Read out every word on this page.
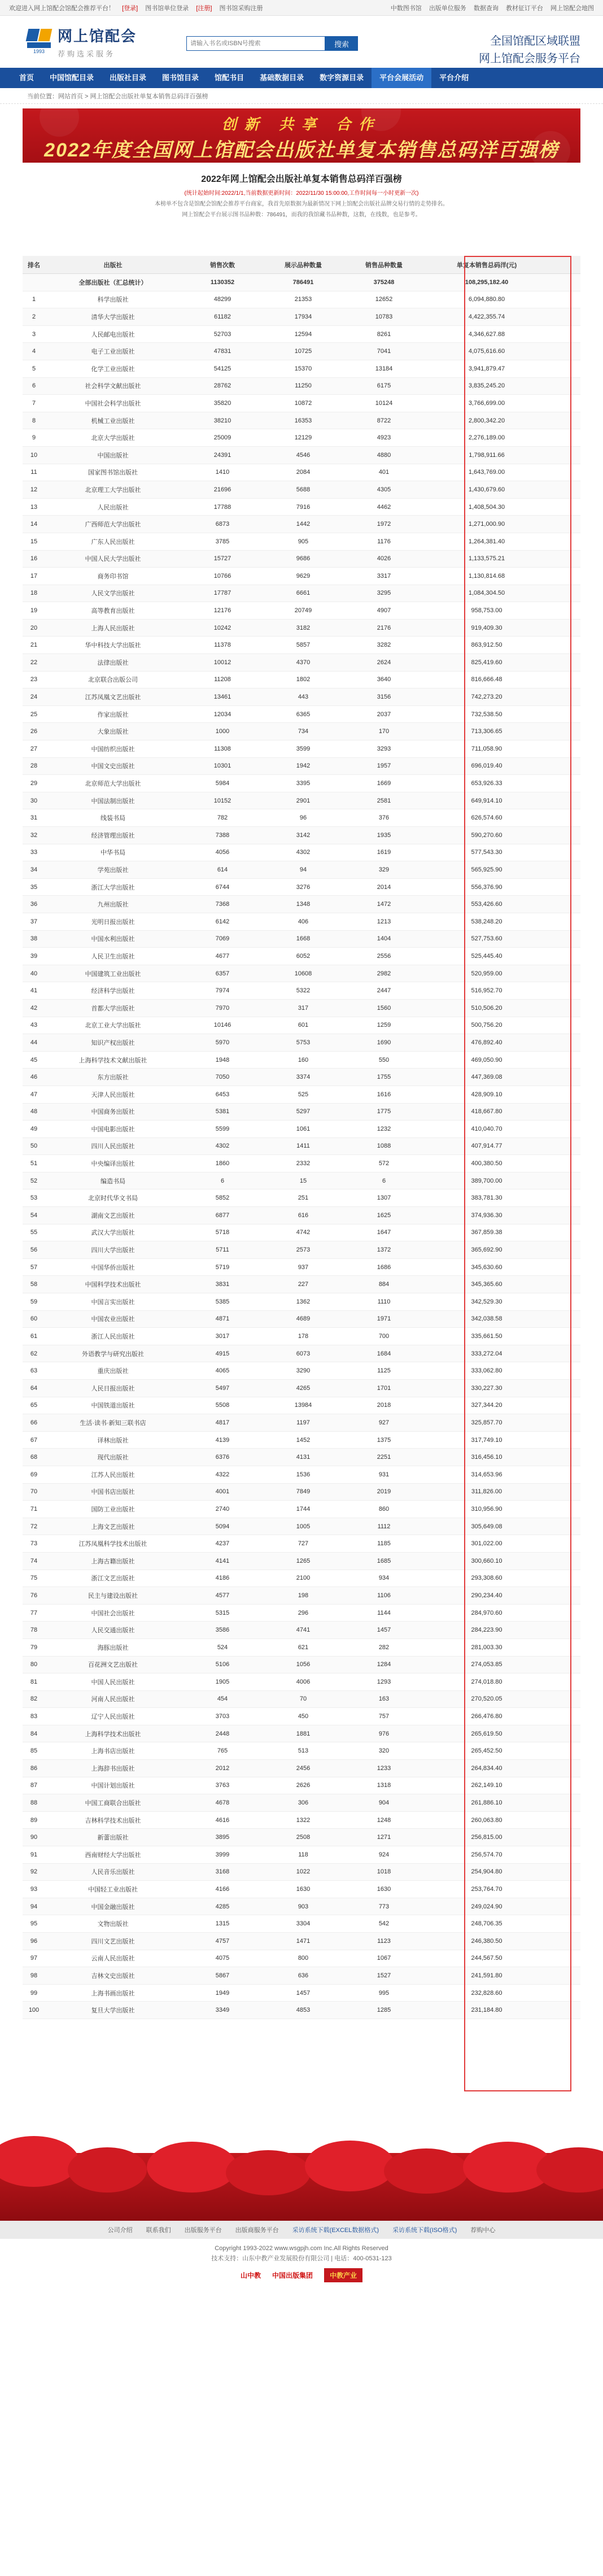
欢迎进入网上馆配会馆配会推荐平台！ [登录] 图书馆单位登录 [注册] 图书馆采购注册	中数图书馆 出版单位服务 数据查询 教材征订平台 网上馆配会地图
1993
网上馆配会
荐购选采服务
请输入书名或ISBN号搜索
搜索	全国馆配区域联盟
网上馆配会服务平台
首页	中国馆配目录	出版社目录	图书馆目录	馆配书目	基础数据目录	数字资源目录	平台会展活动	平台介绍
当前位置：网站首页 > 网上馆配会出版社单复本销售总码洋百强榜
创新 共享 合作
2022年度全国网上馆配会出版社单复本销售总码洋百强榜
2022年网上馆配会出版社单复本销售总码洋百强榜
(统计起始时间:2022/1/1,当前数据更新时间：2022/11/30 15:00:00,工作时间每一小时更新一次)
本榜单不包含是馆配会馆配会推荐平台商家，我首先原数据为最新情况下网上馆配会出版社品牌交易行情的走势排名。
网上馆配会平台展示图书品种数：786491，而我的我馆藏书品种数，这数，在线数，也是参考。
排名	出版社	销售次数	展示品种数量	销售品种数量	单复本销售总码洋(元)
全部出版社（汇总统计）	1130352	786491	375248	108,295,182.40
1	科学出版社	48299	21353	12652	6,094,880.80
2	清华大学出版社	61182	17934	10783	4,422,355.74
3	人民邮电出版社	52703	12594	8261	4,346,627.88
4	电子工业出版社	47831	10725	7041	4,075,616.60
5	化学工业出版社	54125	15370	13184	3,941,879.47
6	社会科学文献出版社	28762	11250	6175	3,835,245.20
7	中国社会科学出版社	35820	10872	10124	3,766,699.00
8	机械工业出版社	38210	16353	8722	2,800,342.20
9	北京大学出版社	25009	12129	4923	2,276,189.00
10	中国出版社	24391	4546	4880	1,798,911.66
11	国家图书馆出版社	1410	2084	401	1,643,769.00
12	北京理工大学出版社	21696	5688	4305	1,430,679.60
13	人民出版社	17788	7916	4462	1,408,504.30
14	广西师范大学出版社	6873	1442	1972	1,271,000.90
15	广东人民出版社	3785	905	1176	1,264,381.40
16	中国人民大学出版社	15727	9686	4026	1,133,575.21
17	商务印书馆	10766	9629	3317	1,130,814.68
18	人民文学出版社	17787	6661	3295	1,084,304.50
19	高等教育出版社	12176	20749	4907	958,753.00
20	上海人民出版社	10242	3182	2176	919,409.30
21	华中科技大学出版社	11378	5857	3282	863,912.50
22	法律出版社	10012	4370	2624	825,419.60
23	北京联合出版公司	11208	1802	3640	816,666.48
24	江苏凤凰文艺出版社	13461	443	3156	742,273.20
25	作家出版社	12034	6365	2037	732,538.50
26	大象出版社	1000	734	170	713,306.65
27	中国纺织出版社	11308	3599	3293	711,058.90
28	中国文史出版社	10301	1942	1957	696,019.40
29	北京师范大学出版社	5984	3395	1669	653,926.33
30	中国法制出版社	10152	2901	2581	649,914.10
31	线装书局	782	96	376	626,574.60
32	经济管理出版社	7388	3142	1935	590,270.60
33	中华书局	4056	4302	1619	577,543.30
34	学苑出版社	614	94	329	565,925.90
35	浙江大学出版社	6744	3276	2014	556,376.90
36	九州出版社	7368	1348	1472	553,426.60
37	光明日报出版社	6142	406	1213	538,248.20
38	中国水利出版社	7069	1668	1404	527,753.60
39	人民卫生出版社	4677	6052	2556	525,445.40
40	中国建筑工业出版社	6357	10608	2982	520,959.00
41	经济科学出版社	7974	5322	2447	516,952.70
42	首都大学出版社	7970	317	1560	510,506.20
43	北京工业大学出版社	10146	601	1259	500,756.20
44	知识产权出版社	5970	5753	1690	476,892.40
45	上海科学技术文献出版社	1948	160	550	469,050.90
46	东方出版社	7050	3374	1755	447,369.08
47	天津人民出版社	6453	525	1616	428,909.10
48	中国商务出版社	5381	5297	1775	418,667.80
49	中国电影出版社	5599	1061	1232	410,040.70
50	四川人民出版社	4302	1411	1088	407,914.77
51	中央编译出版社	1860	2332	572	400,380.50
52	编造书局	6	15	6	389,700.00
53	北京时代华文书局	5852	251	1307	383,781.30
54	湖南文艺出版社	6877	616	1625	374,936.30
55	武汉大学出版社	5718	4742	1647	367,859.38
56	四川大学出版社	5711	2573	1372	365,692.90
57	中国华侨出版社	5719	937	1686	345,630.60
58	中国科学技术出版社	3831	227	884	345,365.60
59	中国言实出版社	5385	1362	1110	342,529.30
60	中国农业出版社	4871	4689	1971	342,038.58
61	浙江人民出版社	3017	178	700	335,661.50
62	外语教学与研究出版社	4915	6073	1684	333,272.04
63	重庆出版社	4065	3290	1125	333,062.80
64	人民日报出版社	5497	4265	1701	330,227.30
65	中国铁道出版社	5508	13984	2018	327,344.20
66	生活·读书·新知三联书店	4817	1197	927	325,857.70
67	译林出版社	4139	1452	1375	317,749.10
68	现代出版社	6376	4131	2251	316,456.10
69	江苏人民出版社	4322	1536	931	314,653.96
70	中国书店出版社	4001	7849	2019	311,826.00
71	国防工业出版社	2740	1744	860	310,956.90
72	上海文艺出版社	5094	1005	1112	305,649.08
73	江苏凤凰科学技术出版社	4237	727	1185	301,022.00
74	上海古籍出版社	4141	1265	1685	300,660.10
75	浙江文艺出版社	4186	2100	934	293,308.60
76	民主与建设出版社	4577	198	1106	290,234.40
77	中国社会出版社	5315	296	1144	284,970.60
78	人民交通出版社	3586	4741	1457	284,223.90
79	海豚出版社	524	621	282	281,003.30
80	百花洲文艺出版社	5106	1056	1284	274,053.85
81	中国人民出版社	1905	4006	1293	274,018.80
82	河南人民出版社	454	70	163	270,520.05
83	辽宁人民出版社	3703	450	757	266,476.80
84	上海科学技术出版社	2448	1881	976	265,619.50
85	上海书店出版社	765	513	320	265,452.50
86	上海辞书出版社	2012	2456	1233	264,834.40
87	中国计划出版社	3763	2626	1318	262,149.10
88	中国工商联合出版社	4678	306	904	261,886.10
89	吉林科学技术出版社	4616	1322	1248	260,063.80
90	新蕾出版社	3895	2508	1271	256,815.00
91	西南财经大学出版社	3999	118	924	256,574.70
92	人民音乐出版社	3168	1022	1018	254,904.80
93	中国轻工业出版社	4166	1630	1630	253,764.70
94	中国金融出版社	4285	903	773	249,024.90
95	文物出版社	1315	3304	542	248,706.35
96	四川文艺出版社	4757	1471	1123	246,380.50
97	云南人民出版社	4075	800	1067	244,567.50
98	吉林文史出版社	5867	636	1527	241,591.80
99	上海书画出版社	1949	1457	995	232,828.60
100	复旦大学出版社	3349	4853	1285	231,184.80
公司介绍 联系我们 出版服务平台 出版商服务平台 采访系统下载(EXCEL数据格式) 采访系统下载(ISO格式) 荐购中心
Copyright 1993-2022 www.wsgpjh.com Inc.All Rights Reserved
技术支持：山东中教产业发展股份有限公司 | 电话：400-0531-123
山中教 中国出版集团	中教产业
